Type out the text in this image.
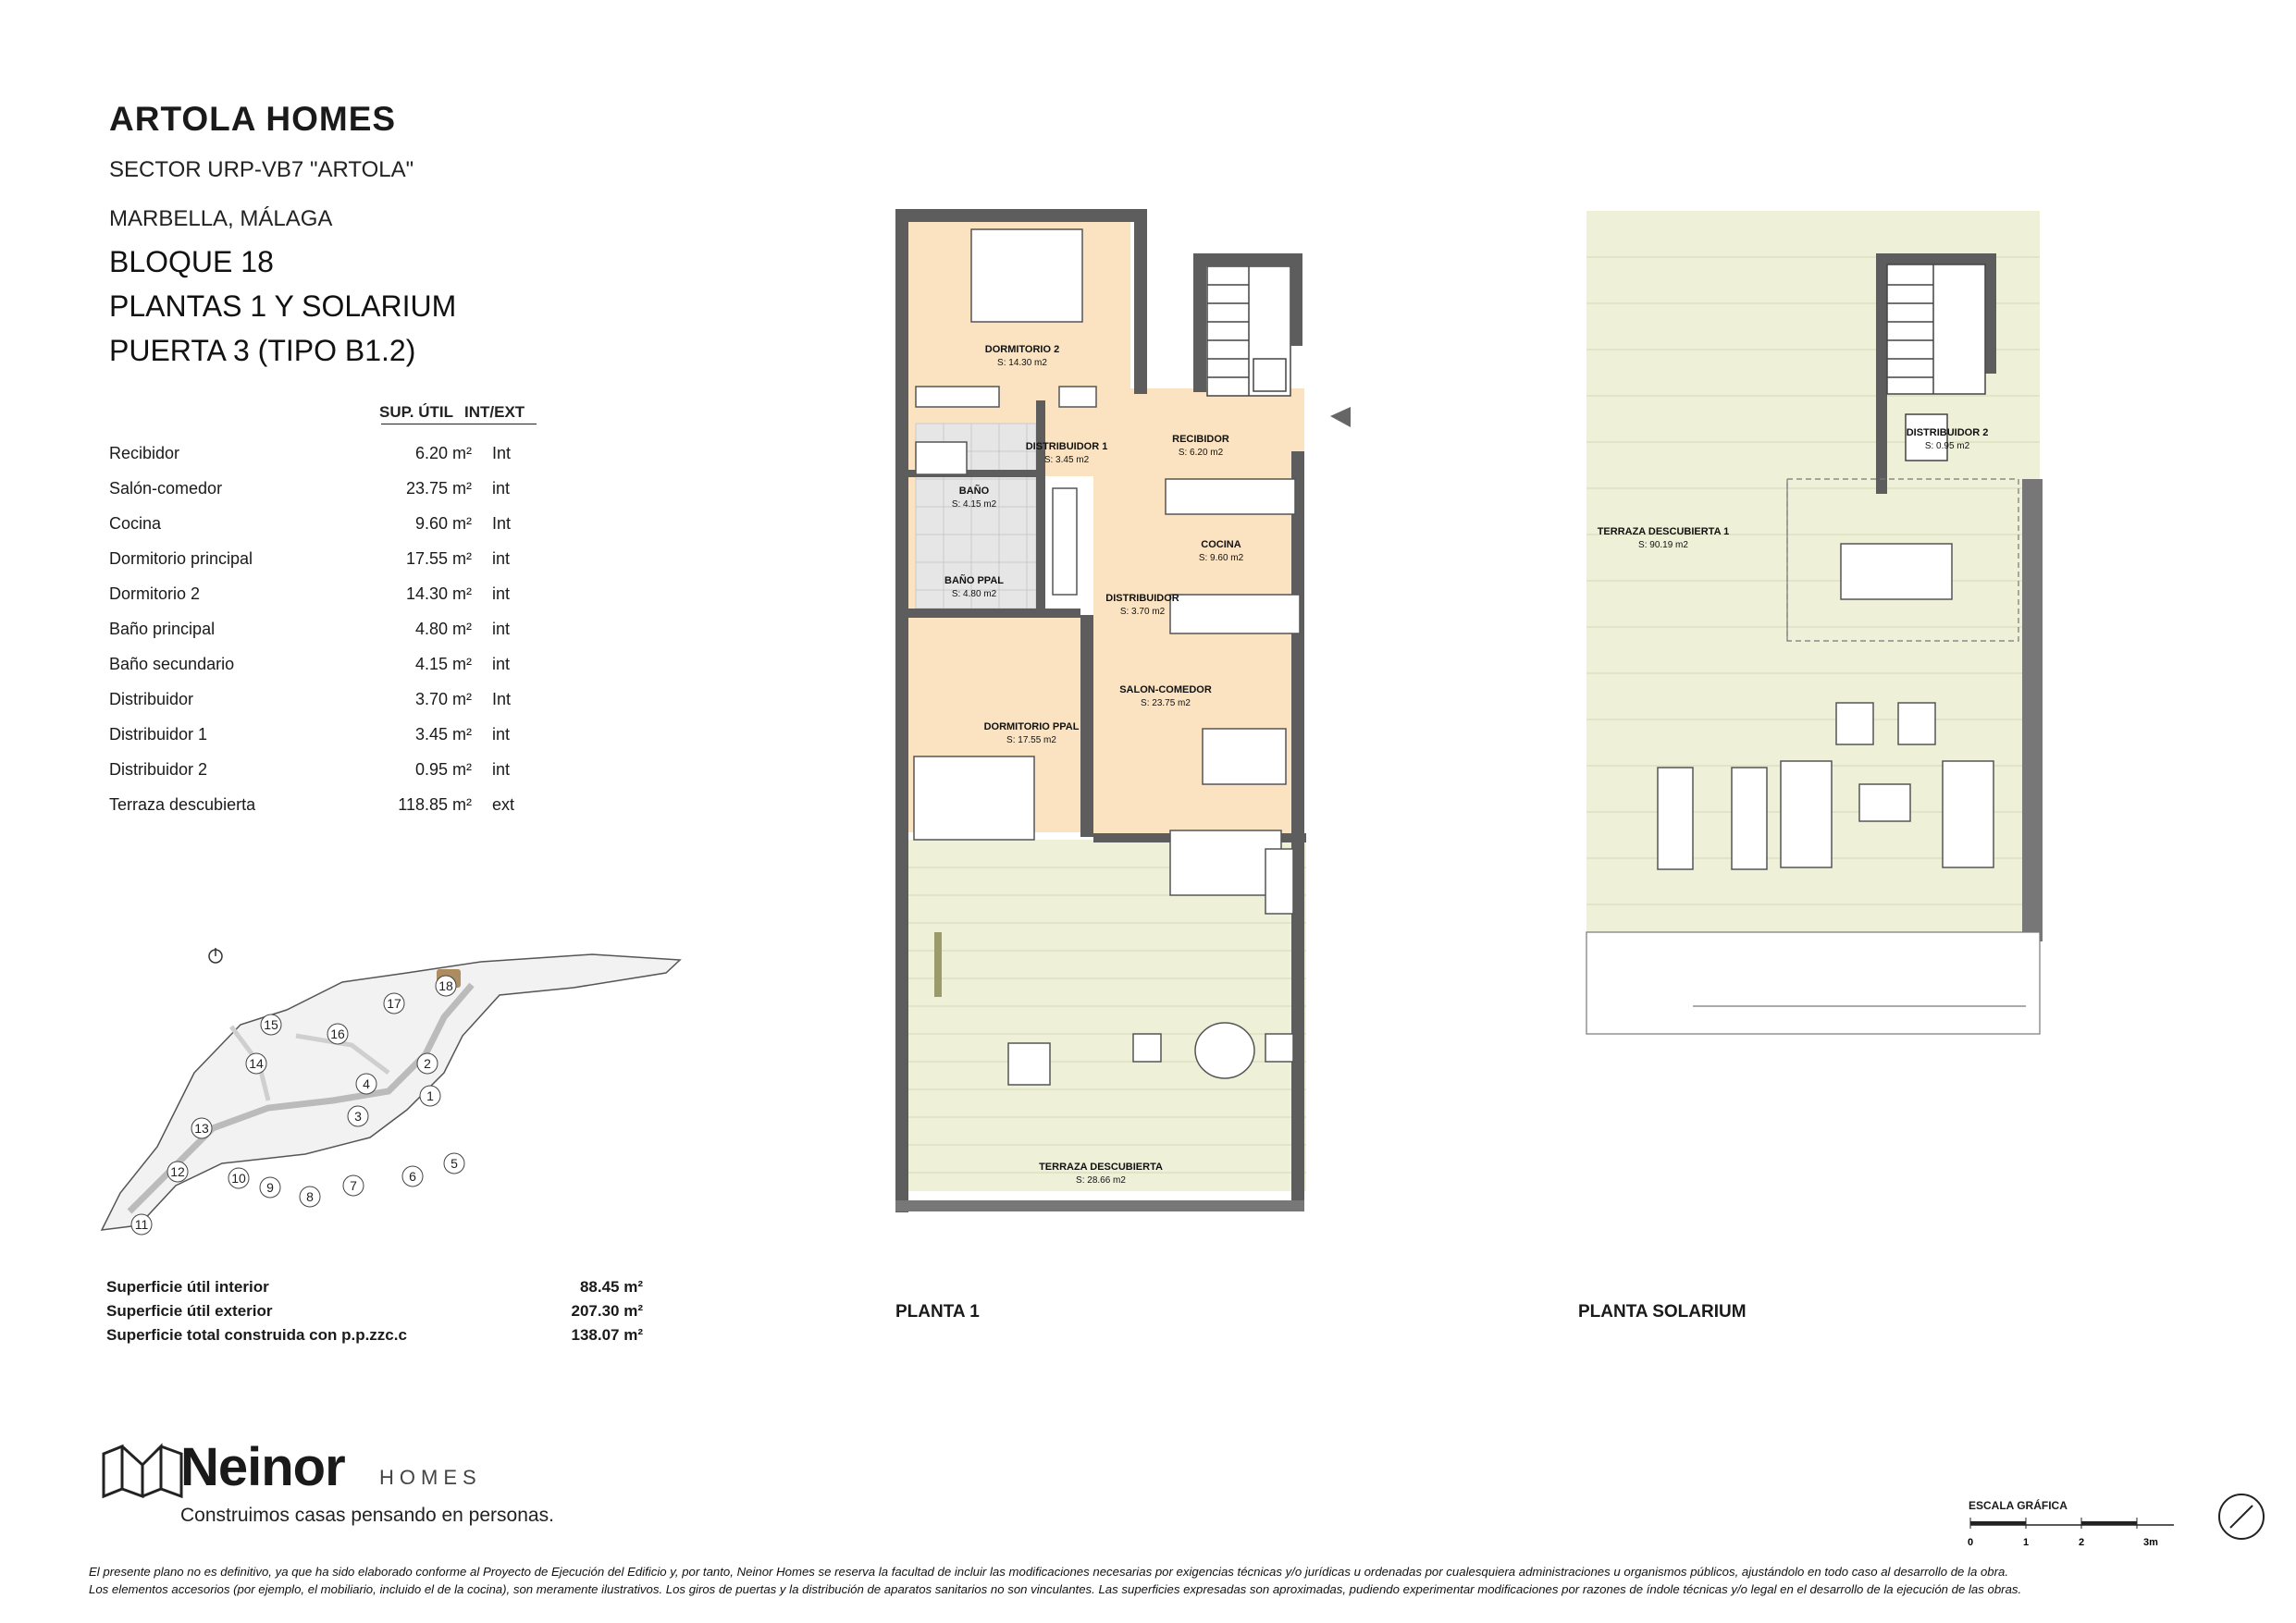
ARTOLA HOMES
SECTOR URP-VB7 "ARTOLA"
MARBELLA, MÁLAGA
BLOQUE 18
PLANTAS 1 Y SOLARIUM
PUERTA 3 (TIPO B1.2)
SUP. ÚTIL INT/EXT
Recibidor	6.20 m² Int
Salón-comedor	23.75 m² int
Cocina	9.60 m² Int
Dormitorio principal	17.55 m² int
Dormitorio 2	14.30 m² int
Baño principal	4.80 m² int
Baño secundario	4.15 m² int
Distribuidor	3.70 m² Int
Distribuidor 1	3.45 m² int
Distribuidor 2	0.95 m² int
Terraza descubierta	118.85 m² ext
1
2
3
4
5
6
7
8
9
10
11
12
13
14
15
16
17
18
Superficie útil interior	88.45 m²
Superficie útil exterior	207.30 m²
Superficie total construida con p.p.zzc.c	138.07 m²
DORMITORIO 2
S: 14.30 m2
DISTRIBUIDOR 1
S: 3.45 m2
RECIBIDOR
S: 6.20 m2
BAÑO
S: 4.15 m2
COCINA
S: 9.60 m2
BAÑO PPAL
S: 4.80 m2	DISTRIBUIDOR
S: 3.70 m2
SALON-COMEDOR
S: 23.75 m2
DORMITORIO PPAL
S: 17.55 m2
TERRAZA DESCUBIERTA
S: 28.66 m2
PLANTA 1
DISTRIBUIDOR 2
S: 0.95 m2
TERRAZA DESCUBIERTA 1
S: 90.19 m2
PLANTA SOLARIUM
Neinor HOMES
Construimos casas pensando en personas.	ESCALA GRÁFICA
0	1	2	3m
El presente plano no es definitivo, ya que ha sido elaborado conforme al Proyecto de Ejecución del Edificio y, por tanto, Neinor Homes se reserva la facultad de incluir las modificaciones necesarias por exigencias técnicas y/o jurídicas u ordenadas por cualesquiera administraciones u organismos públicos, ajustándolo en todo caso al desarrollo de la obra.
Los elementos accesorios (por ejemplo, el mobiliario, incluido el de la cocina), son meramente ilustrativos. Los giros de puertas y la distribución de aparatos sanitarios no son vinculantes. Las superficies expresadas son aproximadas, pudiendo experimentar modificaciones por razones de índole técnicas y/o legal en el desarrollo de la ejecución de las obras.
